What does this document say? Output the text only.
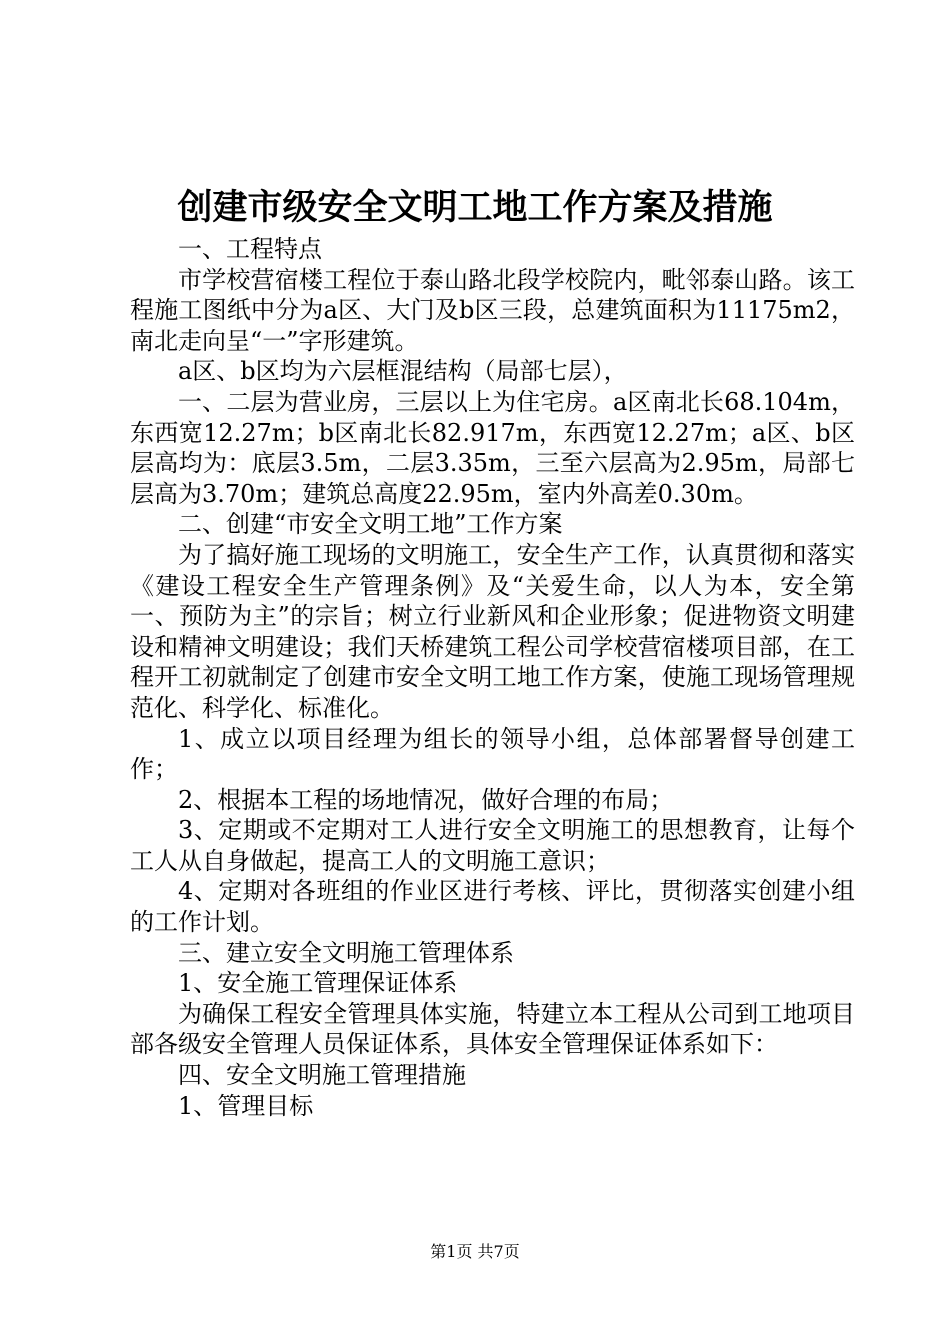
创建市级安全文明工地工作方案及措施

一、工程特点

市学校营宿楼工程位于泰山路北段学校院内，毗邻泰山路。该工程施工图纸中分为a区、大门及b区三段，总建筑面积为11175m2，南北走向呈“一”字形建筑。

a区、b区均为六层框混结构（局部七层），

一、二层为营业房，三层以上为住宅房。a区南北长68.104m，东西宽12.27m；b区南北长82.917m，东西宽12.27m；a区、b区层高均为：底层3.5m，二层3.35m，三至六层高为2.95m，局部七层高为3.70m；建筑总高度22.95m，室内外高差0.30m。

二、创建“市安全文明工地”工作方案

为了搞好施工现场的文明施工，安全生产工作，认真贯彻和落实《建设工程安全生产管理条例》及“关爱生命，以人为本，安全第一、预防为主”的宗旨；树立行业新风和企业形象；促进物资文明建设和精神文明建设；我们天桥建筑工程公司学校营宿楼项目部，在工程开工初就制定了创建市安全文明工地工作方案，使施工现场管理规范化、科学化、标准化。

1、成立以项目经理为组长的领导小组，总体部署督导创建工作；

2、根据本工程的场地情况，做好合理的布局；

3、定期或不定期对工人进行安全文明施工的思想教育，让每个工人从自身做起，提高工人的文明施工意识；

4、定期对各班组的作业区进行考核、评比，贯彻落实创建小组的工作计划。

三、建立安全文明施工管理体系

1、安全施工管理保证体系

为确保工程安全管理具体实施，特建立本工程从公司到工地项目部各级安全管理人员保证体系，具体安全管理保证体系如下：

四、安全文明施工管理措施

1、管理目标

第1页 共7页
